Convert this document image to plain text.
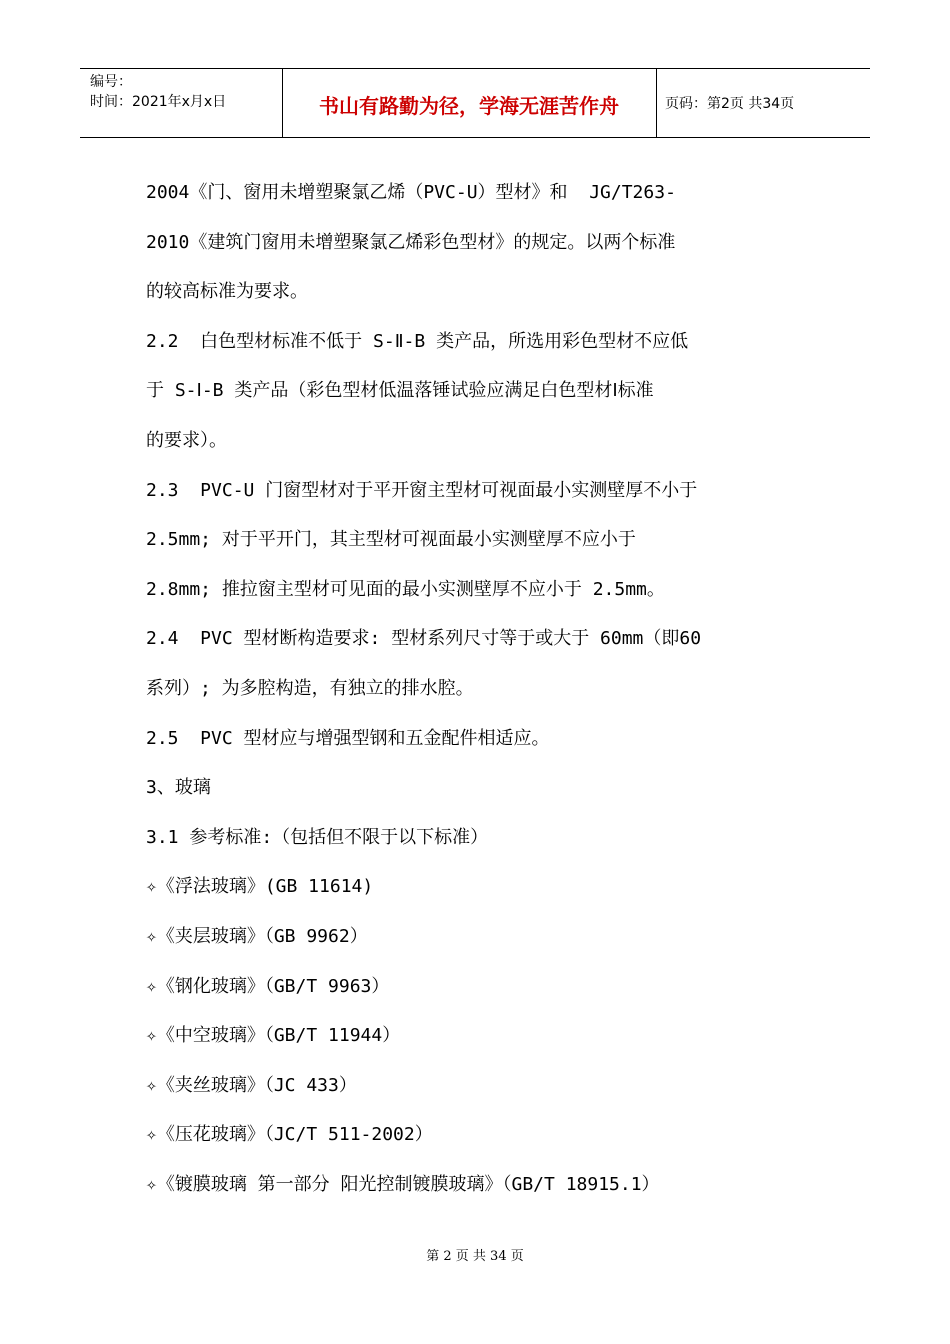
编号：
时间：2021年x月x日	书山有路勤为径，学海无涯苦作舟	页码：第2页 共34页
2004《门、窗用未增塑聚氯乙烯（PVC-U）型材》和  JG/T263-
2010《建筑门窗用未增塑聚氯乙烯彩色型材》的规定。以两个标准
的较高标准为要求。
2.2  白色型材标准不低于 S-Ⅱ-B 类产品，所选用彩色型材不应低
于 S-Ⅰ-B 类产品（彩色型材低温落锤试验应满足白色型材Ⅰ标准
的要求）。
2.3  PVC-U 门窗型材对于平开窗主型材可视面最小实测壁厚不小于
2.5mm; 对于平开门，其主型材可视面最小实测壁厚不应小于
2.8mm; 推拉窗主型材可见面的最小实测壁厚不应小于 2.5mm。
2.4  PVC 型材断构造要求: 型材系列尺寸等于或大于 60mm（即60
系列）; 为多腔构造，有独立的排水腔。
2.5  PVC 型材应与增强型钢和五金配件相适应。
3、玻璃
3.1 参考标准:（包括但不限于以下标准）
✧《浮法玻璃》(GB 11614)
✧《夹层玻璃》（GB 9962）
✧《钢化玻璃》（GB/T 9963）
✧《中空玻璃》（GB/T 11944）
✧《夹丝玻璃》（JC 433）
✧《压花玻璃》（JC/T 511-2002）
✧《镀膜玻璃 第一部分 阳光控制镀膜玻璃》（GB/T 18915.1）
第 2 页 共 34 页
